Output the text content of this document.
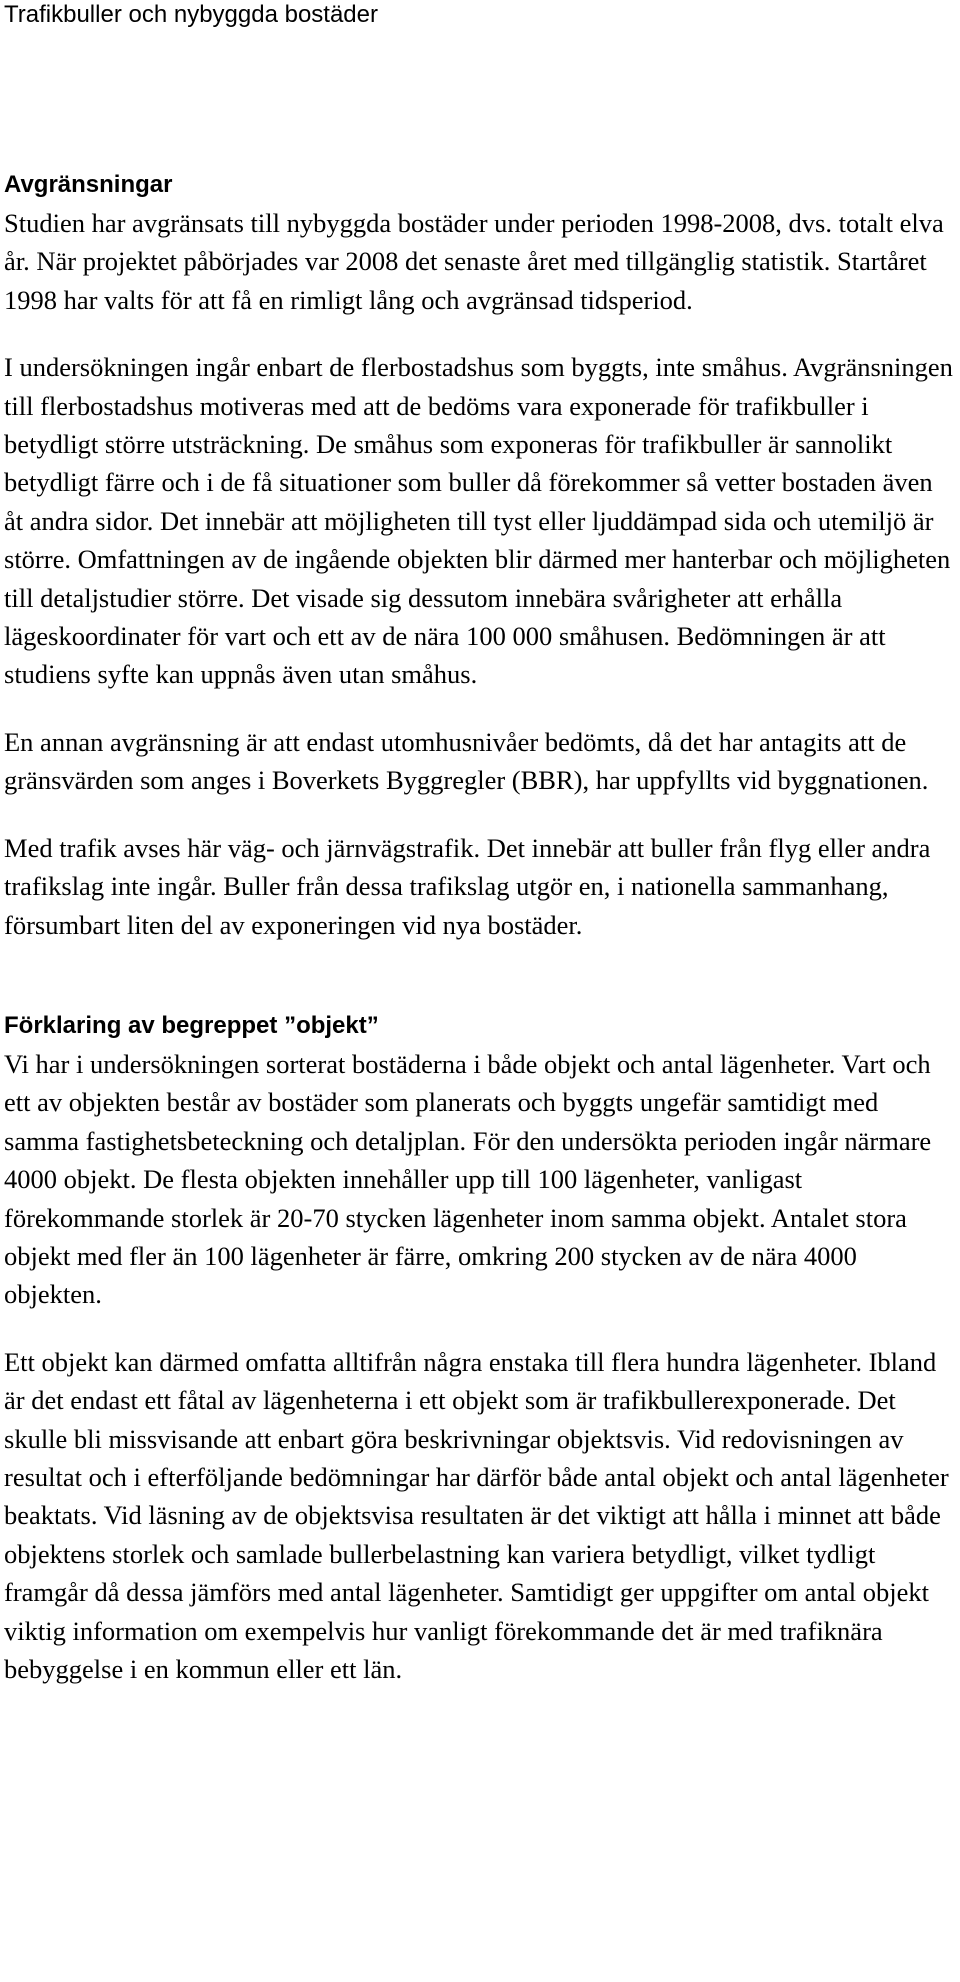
Trafikbuller och nybyggda bostäder
Avgränsningar

Studien har avgränsats till nybyggda bostäder under perioden 1998-2008, dvs. totalt elva år. När projektet påbörjades var 2008 det senaste året med tillgänglig statistik. Startåret 1998 har valts för att få en rimligt lång och avgränsad tidsperiod.

I undersökningen ingår enbart de flerbostadshus som byggts, inte småhus. Avgränsningen till flerbostadshus motiveras med att de bedöms vara exponerade för trafikbuller i betydligt större utsträckning. De småhus som exponeras för trafikbuller är sannolikt betydligt färre och i de få situationer som buller då förekommer så vetter bostaden även åt andra sidor. Det innebär att möjligheten till tyst eller ljuddämpad sida och utemiljö är större. Omfattningen av de ingående objekten blir därmed mer hanterbar och möjligheten till detaljstudier större. Det visade sig dessutom innebära svårigheter att erhålla lägeskoordinater för vart och ett av de nära 100 000 småhusen. Bedömningen är att studiens syfte kan uppnås även utan småhus.

En annan avgränsning är att endast utomhusnivåer bedömts, då det har antagits att de gränsvärden som anges i Boverkets Byggregler (BBR), har uppfyllts vid byggnationen.

Med trafik avses här väg- och järnvägstrafik. Det innebär att buller från flyg eller andra trafikslag inte ingår. Buller från dessa trafikslag utgör en, i nationella sammanhang, försumbart liten del av exponeringen vid nya bostäder.

Förklaring av begreppet ”objekt”

Vi har i undersökningen sorterat bostäderna i både objekt och antal lägenheter. Vart och ett av objekten består av bostäder som planerats och byggts ungefär samtidigt med samma fastighetsbeteckning och detaljplan. För den undersökta perioden ingår närmare 4000 objekt. De flesta objekten innehåller upp till 100 lägenheter, vanligast förekommande storlek är 20-70 stycken lägenheter inom samma objekt. Antalet stora objekt med fler än 100 lägenheter är färre, omkring 200 stycken av de nära 4000 objekten.

Ett objekt kan därmed omfatta alltifrån några enstaka till flera hundra lägenheter. Ibland är det endast ett fåtal av lägenheterna i ett objekt som är trafikbullerexponerade. Det skulle bli missvisande att enbart göra beskrivningar objektsvis. Vid redovisningen av resultat och i efterföljande bedömningar har därför både antal objekt och antal lägenheter beaktats. Vid läsning av de objektsvisa resultaten är det viktigt att hålla i minnet att både objektens storlek och samlade bullerbelastning kan variera betydligt, vilket tydligt framgår då dessa jämförs med antal lägenheter. Samtidigt ger uppgifter om antal objekt viktig information om exempelvis hur vanligt förekommande det är med trafiknära bebyggelse i en kommun eller ett län.
